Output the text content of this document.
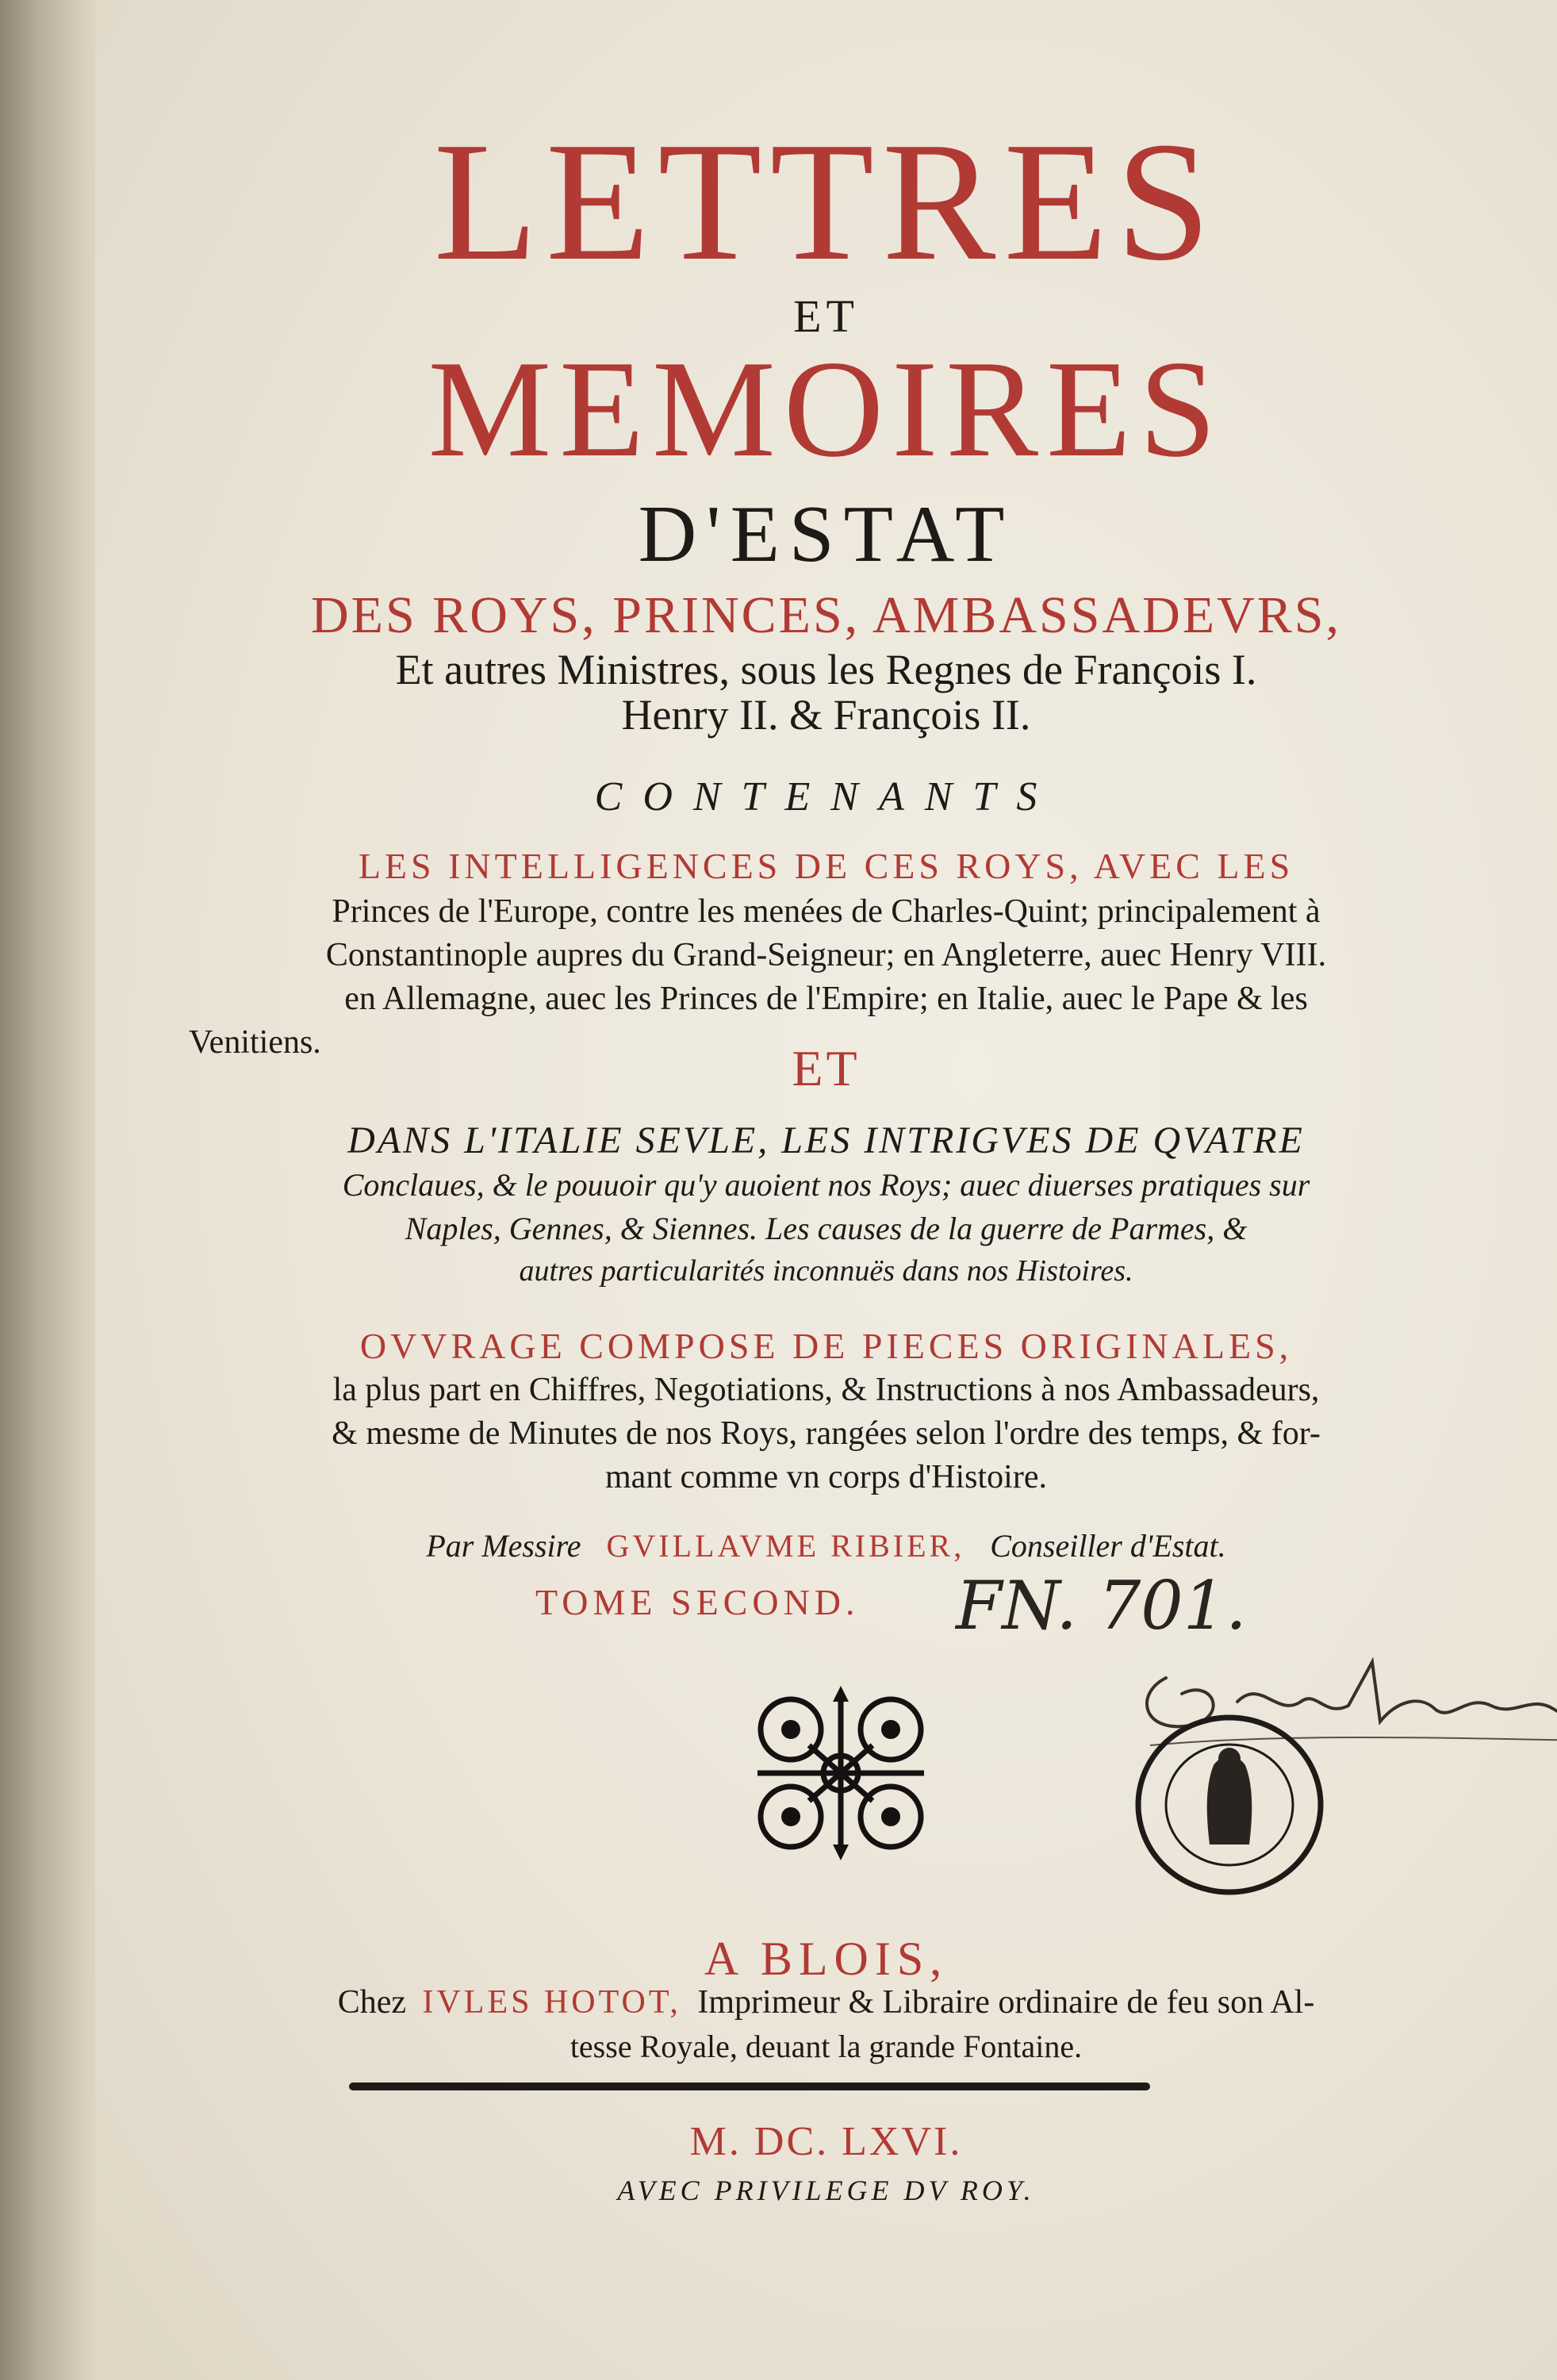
LETTRES
ET
MEMOIRES
D'ESTAT
DES ROYS, PRINCES, AMBASSADEVRS,
Et autres Ministres, sous les Regnes de François I.
Henry II. & François II.
CONTENANTS
LES INTELLIGENCES DE CES ROYS, AVEC LES
Princes de l'Europe, contre les menées de Charles-Quint; principalement à
Constantinople aupres du Grand-Seigneur; en Angleterre, auec Henry VIII.
en Allemagne, auec les Princes de l'Empire; en Italie, auec le Pape & les
Venitiens.	ET
DANS L'ITALIE SEVLE, LES INTRIGVES DE QVATRE
Conclaues, & le pouuoir qu'y auoient nos Roys; auec diuerses pratiques sur
Naples, Gennes, & Siennes. Les causes de la guerre de Parmes, &
autres particularités inconnuës dans nos Histoires.
OVVRAGE COMPOSE DE PIECES ORIGINALES,
la plus part en Chiffres, Negotiations, & Instructions à nos Ambassadeurs,
& mesme de Minutes de nos Roys, rangées selon l'ordre des temps, & for-
mant comme vn corps d'Histoire.
Par Messire GVILLAVME RIBIER, Conseiller d'Estat.
TOME SECOND. FN. 701.
A BLOIS,
Chez IVLES HOTOT, Imprimeur & Libraire ordinaire de feu son Al-
tesse Royale, deuant la grande Fontaine.
M. DC. LXVI.
AVEC PRIVILEGE DV ROY.
